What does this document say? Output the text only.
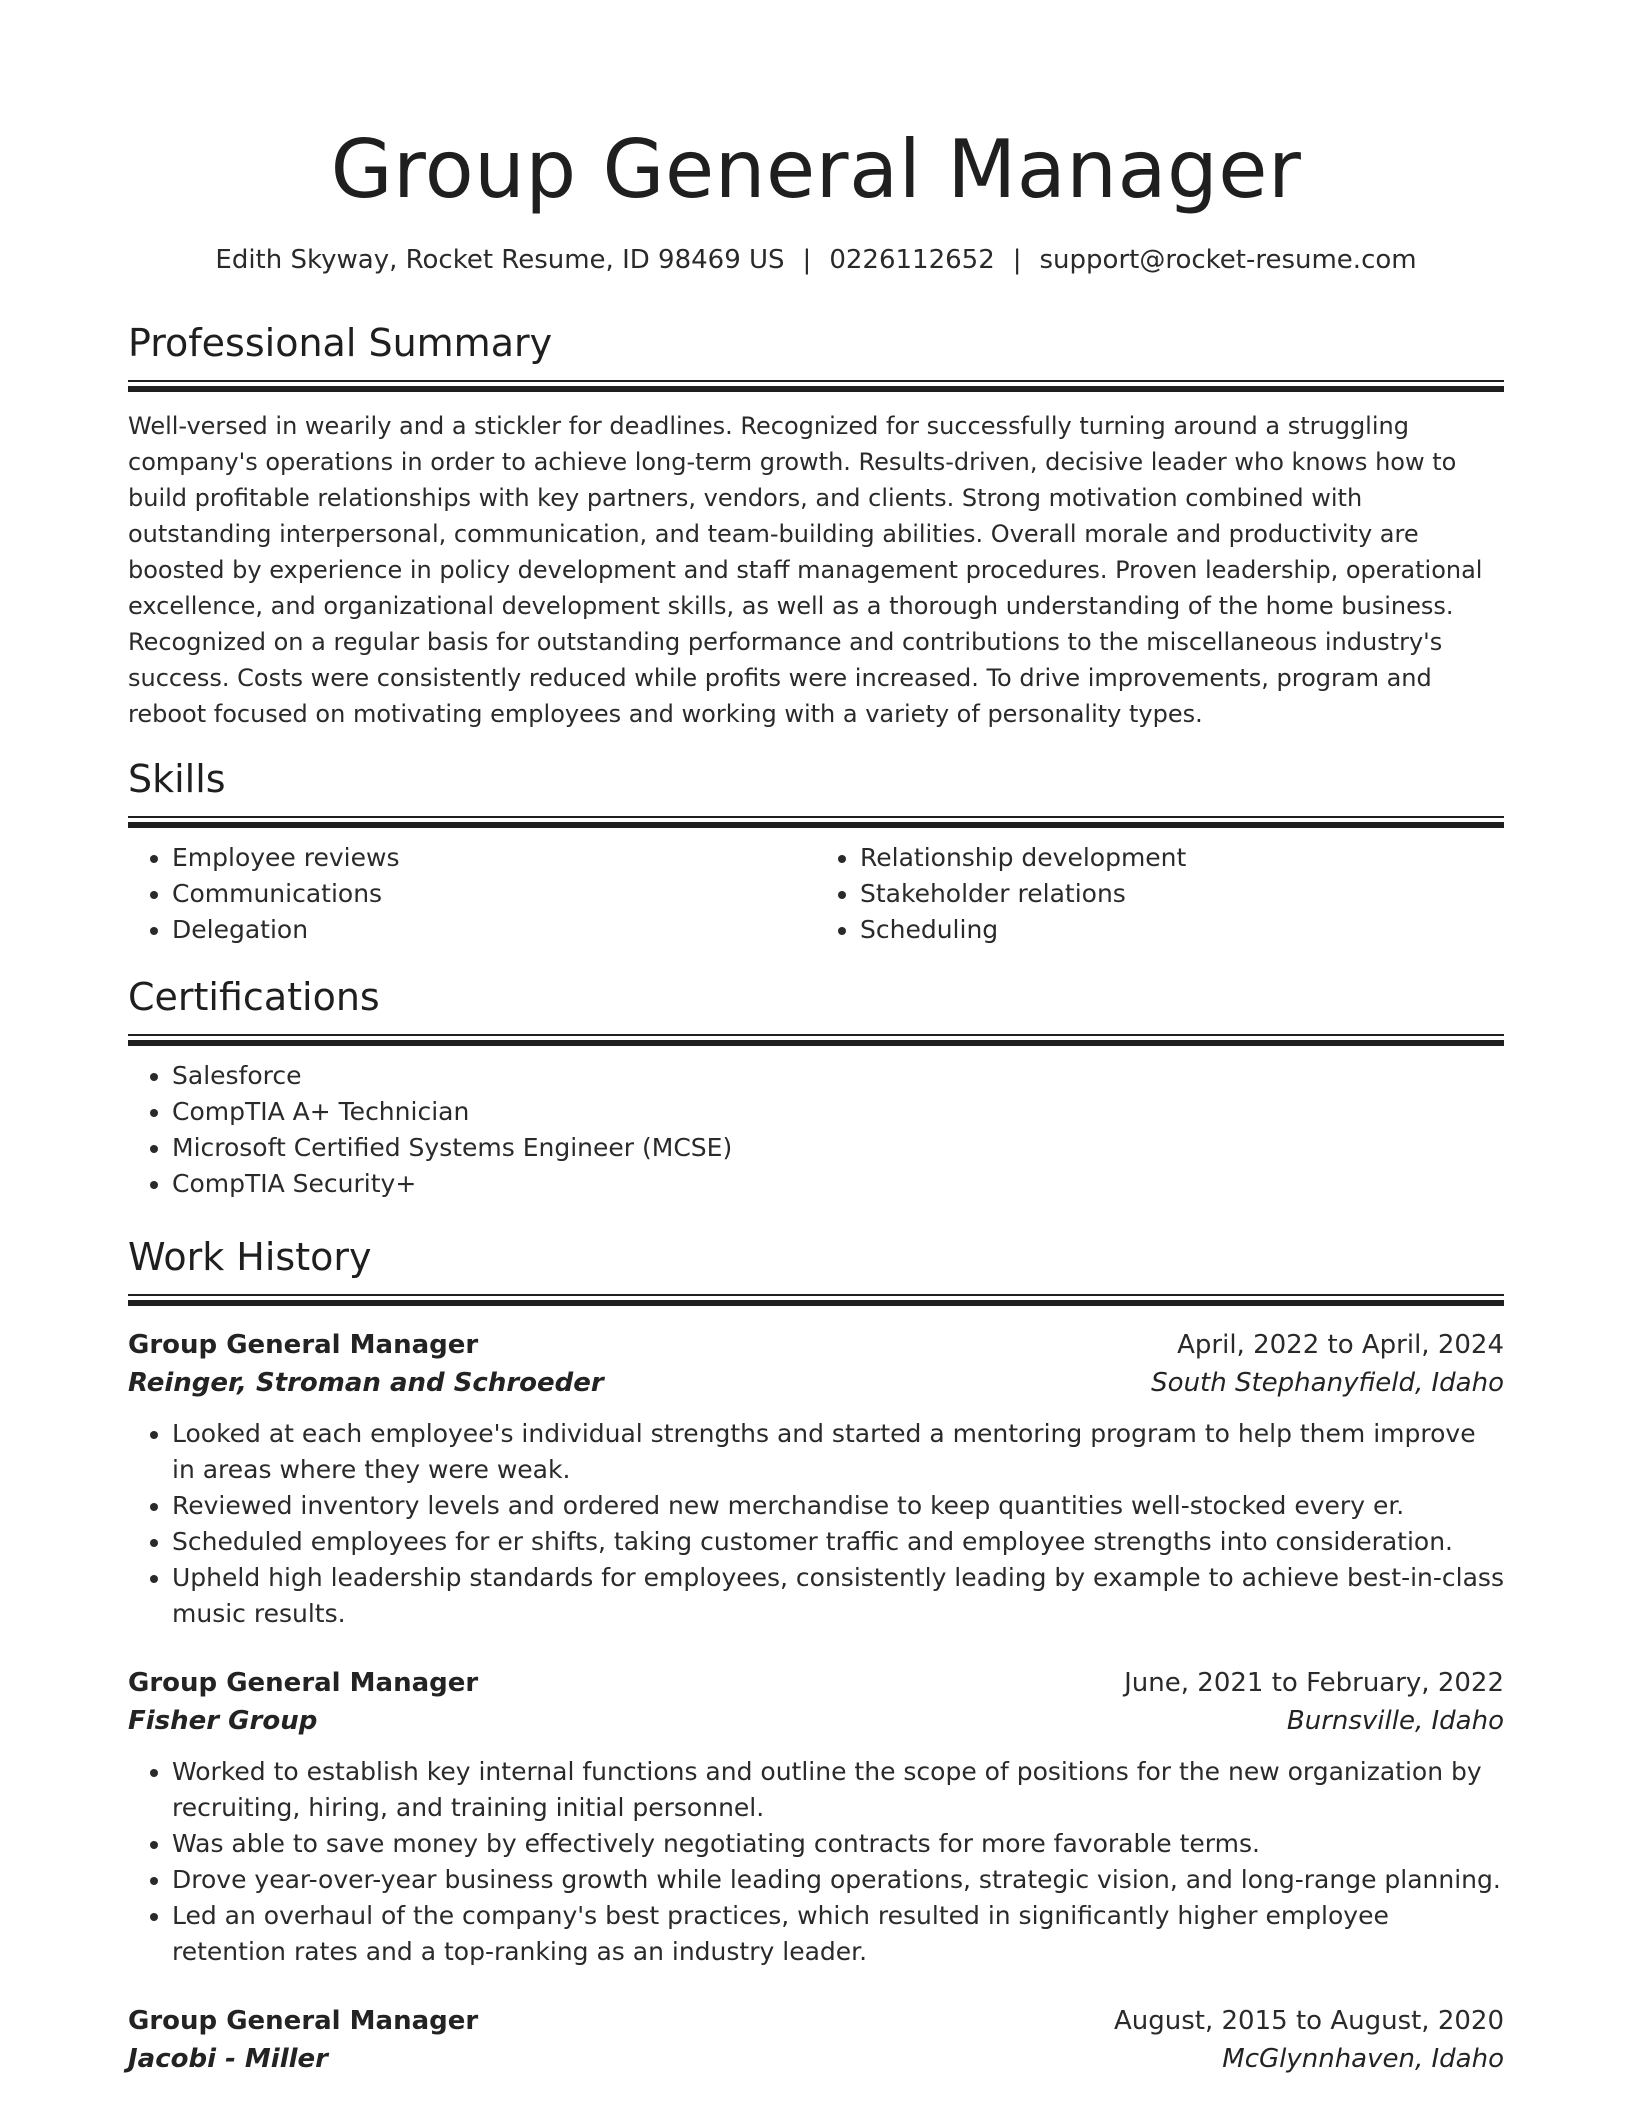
Group General Manager
Edith Skyway, Rocket Resume, ID 98469 US | 0226112652 | support@rocket-resume.com
Professional Summary

Well-versed in wearily and a stickler for deadlines. Recognized for successfully turning around a struggling company's operations in order to achieve long-term growth. Results-driven, decisive leader who knows how to build profitable relationships with key partners, vendors, and clients. Strong motivation combined with outstanding interpersonal, communication, and team-building abilities. Overall morale and productivity are boosted by experience in policy development and staff management procedures. Proven leadership, operational excellence, and organizational development skills, as well as a thorough understanding of the home business. Recognized on a regular basis for outstanding performance and contributions to the miscellaneous industry's success. Costs were consistently reduced while profits were increased. To drive improvements, program and reboot focused on motivating employees and working with a variety of personality types.

Skills
• Employee reviews
• Communications
• Delegation
• Relationship development
• Stakeholder relations
• Scheduling
Certifications
• Salesforce
• CompTIA A+ Technician
• Microsoft Certified Systems Engineer (MCSE)
• CompTIA Security+
Work History
Group General Manager	April, 2022 to April, 2024
Reinger, Stroman and Schroeder	South Stephanyfield, Idaho
• Looked at each employee's individual strengths and started a mentoring program to help them improve in areas where they were weak.
• Reviewed inventory levels and ordered new merchandise to keep quantities well-stocked every er.
• Scheduled employees for er shifts, taking customer traffic and employee strengths into consideration.
• Upheld high leadership standards for employees, consistently leading by example to achieve best-in-class music results.
Group General Manager	June, 2021 to February, 2022
Fisher Group	Burnsville, Idaho
• Worked to establish key internal functions and outline the scope of positions for the new organization by recruiting, hiring, and training initial personnel.
• Was able to save money by effectively negotiating contracts for more favorable terms.
• Drove year-over-year business growth while leading operations, strategic vision, and long-range planning.
• Led an overhaul of the company's best practices, which resulted in significantly higher employee retention rates and a top-ranking as an industry leader.
Group General Manager	August, 2015 to August, 2020
Jacobi - Miller	McGlynnhaven, Idaho
